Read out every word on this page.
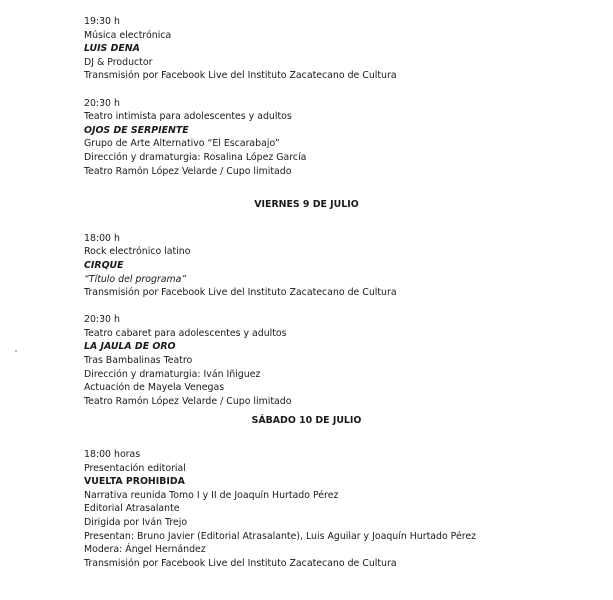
19:30 h
Música electrónica
LUIS DENA
DJ & Productor
Transmisión por Facebook Live del Instituto Zacatecano de Cultura
20:30 h
Teatro intimista para adolescentes y adultos
OJOS DE SERPIENTE
Grupo de Arte Alternativo “El Escarabajo”
Dirección y dramaturgia: Rosalina López García
Teatro Ramón López Velarde / Cupo limitado
VIERNES 9 DE JULIO
18:00 h
Rock electrónico latino
CIRQUE
“Título del programa”
Transmisión por Facebook Live del Instituto Zacatecano de Cultura
20:30 h
Teatro cabaret para adolescentes y adultos
LA JAULA DE ORO
Tras Bambalinas Teatro
Dirección y dramaturgia: Iván Iñiguez
Actuación de Mayela Venegas
Teatro Ramón López Velarde / Cupo limitado
SÁBADO 10 DE JULIO
18:00 horas
Presentación editorial
VUELTA PROHIBIDA
Narrativa reunida Tomo I y II de Joaquín Hurtado Pérez
Editorial Atrasalante
Dirigida por Iván Trejo
Presentan: Bruno Javier (Editorial Atrasalante), Luis Aguilar y Joaquín Hurtado Pérez
Modera: Ángel Hernández
Transmisión por Facebook Live del Instituto Zacatecano de Cultura
